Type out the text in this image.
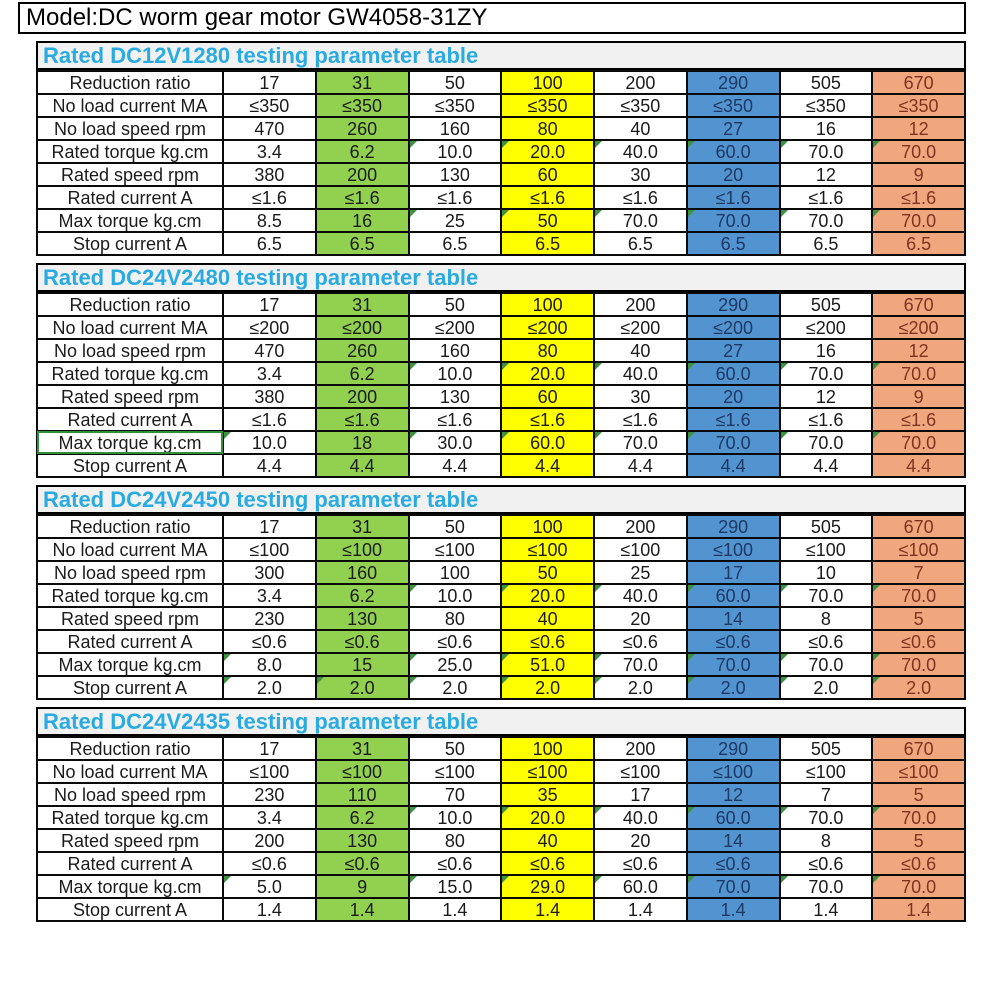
Model:DC worm gear motor GW4058-31ZY
Rated DC12V1280 testing parameter table
Reduction ratio	17	31	50	100	200	290	505	670
No load current MA	≤350	≤350	≤350	≤350	≤350	≤350	≤350	≤350
No load speed rpm	470	260	160	80	40	27	16	12
Rated torque kg.cm	3.4	6.2	10.0	20.0	40.0	60.0	70.0	70.0

Rated speed rpm	380	200	130	60	30	20	12	9
Rated current A	≤1.6	≤1.6	≤1.6	≤1.6	≤1.6	≤1.6	≤1.6	≤1.6
Max torque kg.cm	8.5	16	25	50	70.0	70.0	70.0	70.0

Stop current A	6.5	6.5	6.5	6.5	6.5	6.5	6.5	6.5
Rated DC24V2480 testing parameter table
Reduction ratio	17	31	50	100	200	290	505	670
No load current MA	≤200	≤200	≤200	≤200	≤200	≤200	≤200	≤200
No load speed rpm	470	260	160	80	40	27	16	12
Rated torque kg.cm	3.4	6.2	10.0	20.0	40.0	60.0	70.0	70.0

Rated speed rpm	380	200	130	60	30	20	12	9
Rated current A	≤1.6	≤1.6	≤1.6	≤1.6	≤1.6	≤1.6	≤1.6	≤1.6
Max torque kg.cm	10.0	18	30.0	60.0	70.0	70.0	70.0	70.0

Stop current A	4.4	4.4	4.4	4.4	4.4	4.4	4.4	4.4
Rated DC24V2450 testing parameter table
Reduction ratio	17	31	50	100	200	290	505	670
No load current MA	≤100	≤100	≤100	≤100	≤100	≤100	≤100	≤100
No load speed rpm	300	160	100	50	25	17	10	7
Rated torque kg.cm	3.4	6.2	10.0	20.0	40.0	60.0	70.0	70.0

Rated speed rpm	230	130	80	40	20	14	8	5
Rated current A	≤0.6	≤0.6	≤0.6	≤0.6	≤0.6	≤0.6	≤0.6	≤0.6
Max torque kg.cm	8.0	15	25.0	51.0	70.0	70.0	70.0	70.0

Stop current A	2.0	2.0	2.0	2.0	2.0	2.0	2.0	2.0
Rated DC24V2435 testing parameter table
Reduction ratio	17	31	50	100	200	290	505	670
No load current MA	≤100	≤100	≤100	≤100	≤100	≤100	≤100	≤100
No load speed rpm	230	110	70	35	17	12	7	5
Rated torque kg.cm	3.4	6.2	10.0	20.0	40.0	60.0	70.0	70.0

Rated speed rpm	200	130	80	40	20	14	8	5
Rated current A	≤0.6	≤0.6	≤0.6	≤0.6	≤0.6	≤0.6	≤0.6	≤0.6
Max torque kg.cm	5.0	9	15.0	29.0	60.0	70.0	70.0	70.0

Stop current A	1.4	1.4	1.4	1.4	1.4	1.4	1.4	1.4
